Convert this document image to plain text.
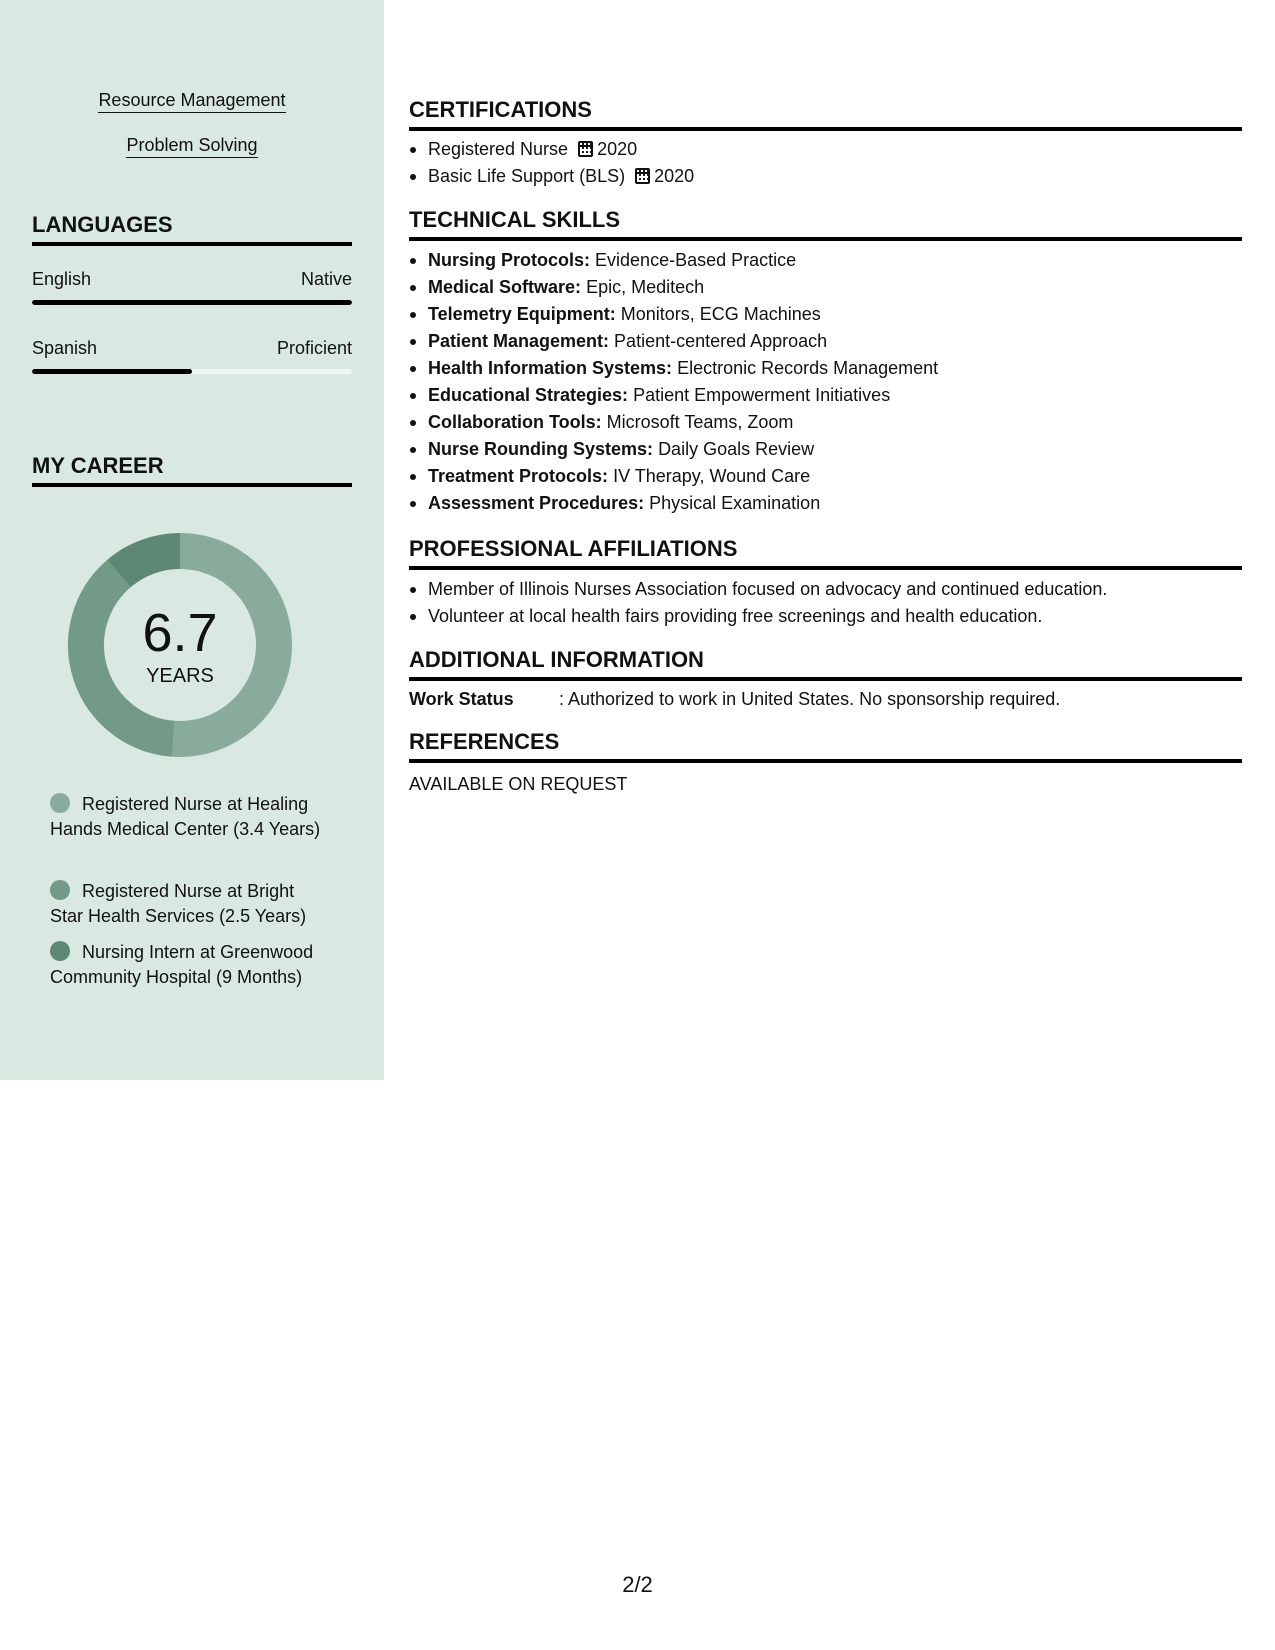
Resource Management
Problem Solving
LANGUAGES
English	Native
Spanish	Proficient
MY CAREER
6.7
YEARS
Registered Nurse at Healing Hands Medical Center (3.4 Years)
Registered Nurse at Bright Star Health Services (2.5 Years)
Nursing Intern at Greenwood Community Hospital (9 Months)
CERTIFICATIONS
Registered Nurse 2020
Basic Life Support (BLS) 2020
TECHNICAL SKILLS
Nursing Protocols: Evidence-Based Practice
Medical Software: Epic, Meditech
Telemetry Equipment: Monitors, ECG Machines
Patient Management: Patient-centered Approach
Health Information Systems: Electronic Records Management
Educational Strategies: Patient Empowerment Initiatives
Collaboration Tools: Microsoft Teams, Zoom
Nurse Rounding Systems: Daily Goals Review
Treatment Protocols: IV Therapy, Wound Care
Assessment Procedures: Physical Examination
PROFESSIONAL AFFILIATIONS
Member of Illinois Nurses Association focused on advocacy and continued education.
Volunteer at local health fairs providing free screenings and health education.
ADDITIONAL INFORMATION
Work Status	: Authorized to work in United States. No sponsorship required.
REFERENCES
AVAILABLE ON REQUEST
2/2
